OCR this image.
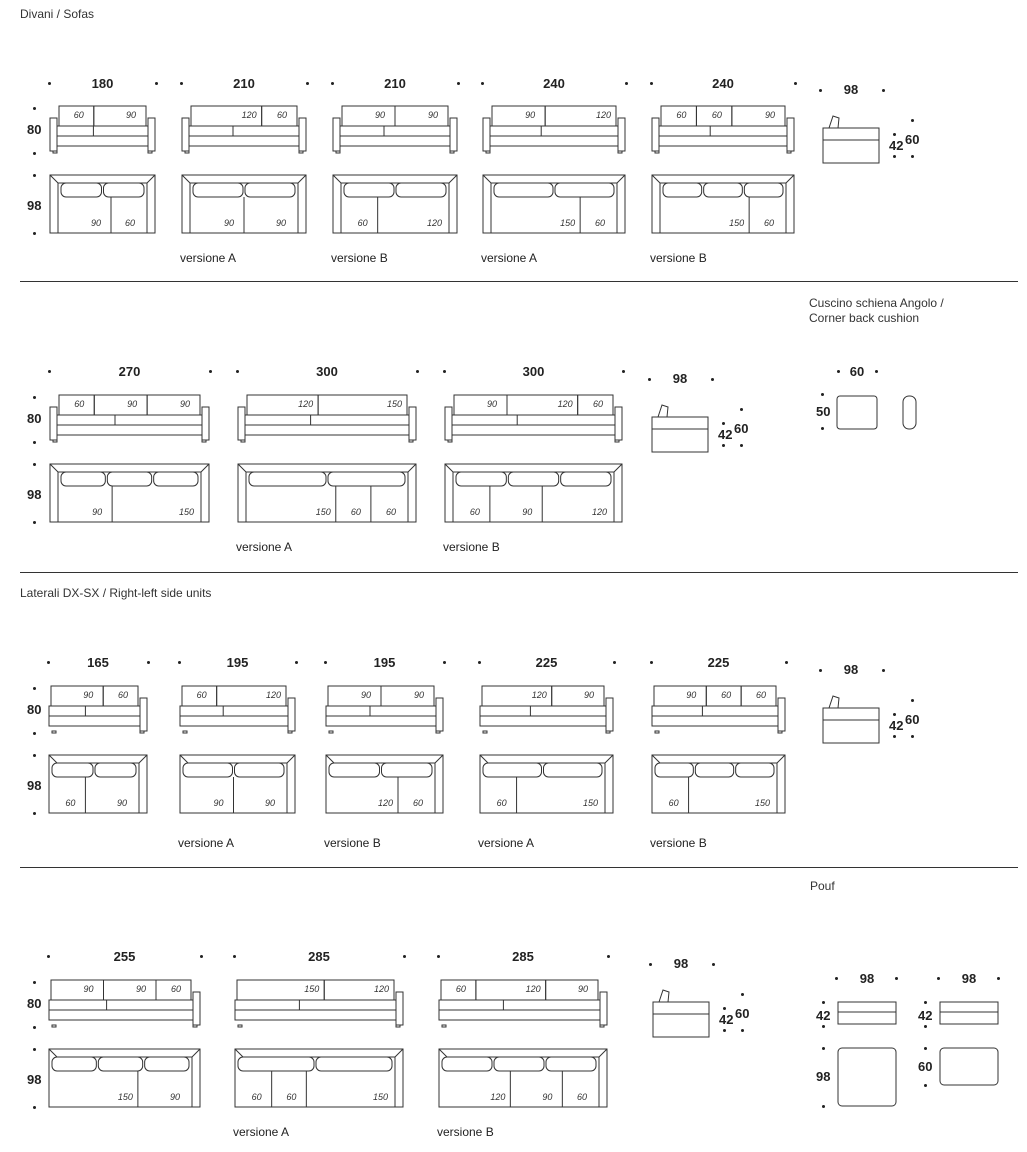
Divani / Sofas
Cuscino schiena Angolo /
Corner back cushion
Laterali DX-SX / Right-left side units
Pouf
80
98
180
60	90
90	60
210
120 60
90	90
versione A
210
90	90
60	120
versione B
240
90	120
150 60
versione A
240
60	60	90
150 60
versione B
98
42 60
80
98
270
60	90	90
90	150
300
120	150
150 60	60
versione A
300
90	120 60
60	90	120
versione B
98
42 60
80
98
165
90	60
60	90
195
60	120
90	90
versione A
195
90	90
120 60
versione B
225
120	90
60	150
versione A
225
90	60	60
60	150
versione B
98
42 60
80
98
255
90	90	60
150	90
285
150	120
60	60	150
versione A
285
60	120	90
120	90	60
versione B
98
42 60
60
50
98
42
98
98
42
60
